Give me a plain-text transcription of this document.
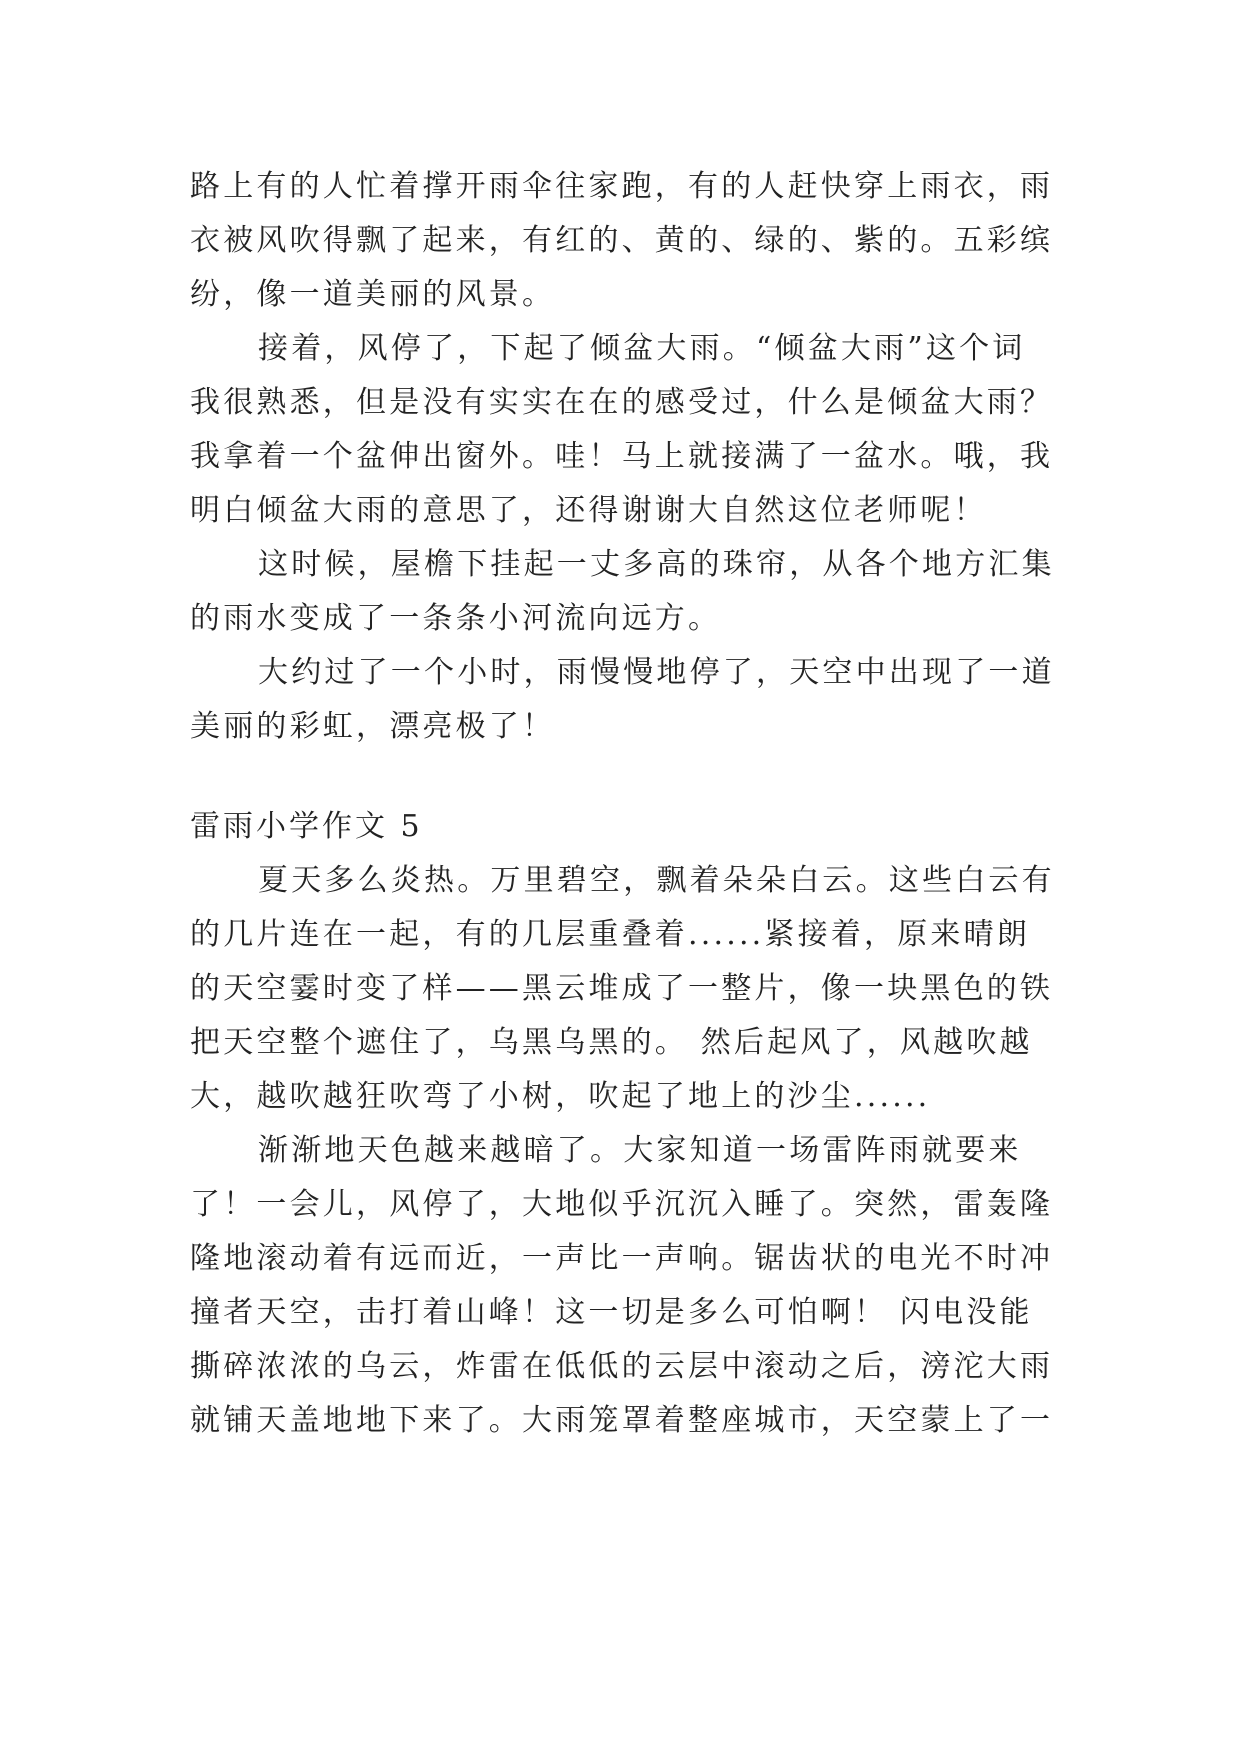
路上有的人忙着撑开雨伞往家跑，有的人赶快穿上雨衣，雨

衣被风吹得飘了起来，有红的、黄的、绿的、紫的。五彩缤

纷，像一道美丽的风景。

接着，风停了，下起了倾盆大雨。“倾盆大雨”这个词

我很熟悉，但是没有实实在在的感受过，什么是倾盆大雨？

我拿着一个盆伸出窗外。哇！马上就接满了一盆水。哦，我

明白倾盆大雨的意思了，还得谢谢大自然这位老师呢！

这时候，屋檐下挂起一丈多高的珠帘，从各个地方汇集

的雨水变成了一条条小河流向远方。

大约过了一个小时，雨慢慢地停了，天空中出现了一道

美丽的彩虹，漂亮极了！

雷雨小学作文 5

夏天多么炎热。万里碧空，飘着朵朵白云。这些白云有

的几片连在一起，有的几层重叠着......紧接着，原来晴朗

的天空霎时变了样——黑云堆成了一整片，像一块黑色的铁

把天空整个遮住了，乌黑乌黑的。 然后起风了，风越吹越

大，越吹越狂吹弯了小树，吹起了地上的沙尘......

渐渐地天色越来越暗了。大家知道一场雷阵雨就要来

了！一会儿，风停了，大地似乎沉沉入睡了。突然，雷轰隆

隆地滚动着有远而近，一声比一声响。锯齿状的电光不时冲

撞者天空，击打着山峰！这一切是多么可怕啊！ 闪电没能

撕碎浓浓的乌云，炸雷在低低的云层中滚动之后，滂沱大雨

就铺天盖地地下来了。大雨笼罩着整座城市，天空蒙上了一
